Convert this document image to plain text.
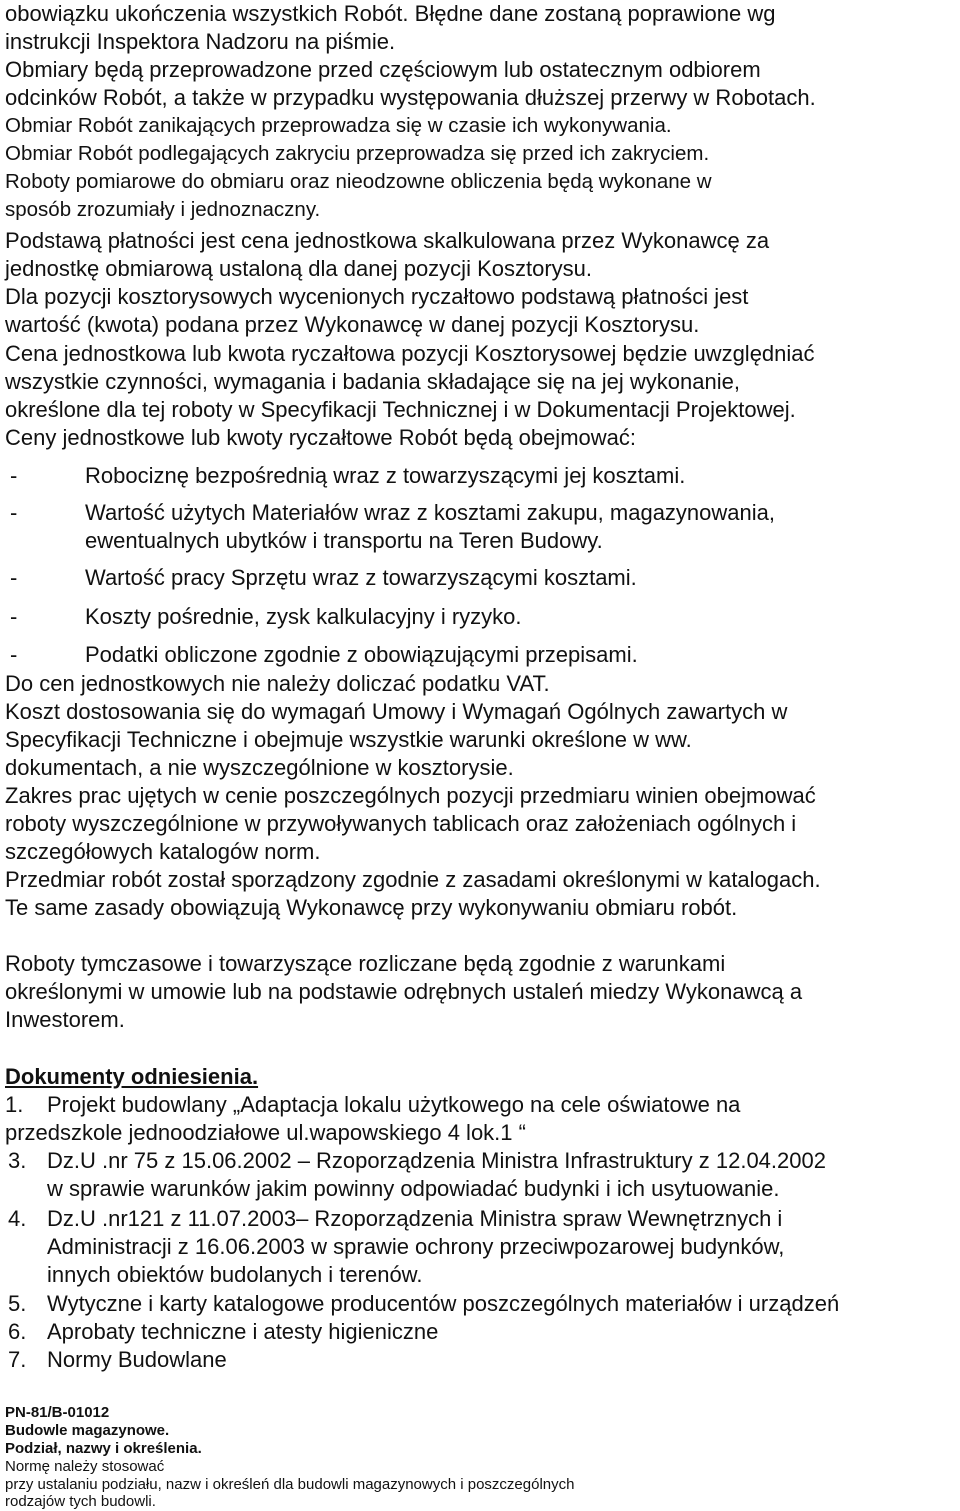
obowiązku ukończenia wszystkich Robót. Błędne dane zostaną poprawione wg
instrukcji Inspektora Nadzoru na piśmie.
Obmiary będą przeprowadzone przed częściowym lub ostatecznym odbiorem
odcinków Robót, a także w przypadku występowania dłuższej przerwy w Robotach.
Obmiar Robót zanikających przeprowadza się w czasie ich wykonywania.
Obmiar Robót podlegających zakryciu przeprowadza się przed ich zakryciem.
Roboty pomiarowe do obmiaru oraz nieodzowne obliczenia będą wykonane w
sposób zrozumiały i jednoznaczny.
Podstawą płatności jest cena jednostkowa skalkulowana przez Wykonawcę za
jednostkę obmiarową ustaloną dla danej pozycji Kosztorysu.
Dla pozycji kosztorysowych wycenionych ryczałtowo podstawą płatności jest
wartość (kwota) podana przez Wykonawcę w danej pozycji Kosztorysu.
Cena jednostkowa lub kwota ryczałtowa pozycji Kosztorysowej będzie uwzględniać
wszystkie czynności, wymagania i badania składające się na jej wykonanie,
określone dla tej roboty w Specyfikacji Technicznej i w Dokumentacji Projektowej.
Ceny jednostkowe lub kwoty ryczałtowe Robót będą obejmować:
-	Robociznę bezpośrednią wraz z towarzyszącymi jej kosztami.
-	Wartość użytych Materiałów wraz z kosztami zakupu, magazynowania,
ewentualnych ubytków i transportu na Teren Budowy.
-	Wartość pracy Sprzętu wraz z towarzyszącymi kosztami.
-	Koszty pośrednie, zysk kalkulacyjny i ryzyko.
-	Podatki obliczone zgodnie z obowiązującymi przepisami.
Do cen jednostkowych nie należy doliczać podatku VAT.
Koszt dostosowania się do wymagań Umowy i Wymagań Ogólnych zawartych w
Specyfikacji Techniczne i obejmuje wszystkie warunki określone w ww.
dokumentach, a nie wyszczególnione w kosztorysie.
Zakres prac ujętych w cenie poszczególnych pozycji przedmiaru winien obejmować
roboty wyszczególnione w przywoływanych tablicach oraz założeniach ogólnych i
szczegółowych katalogów norm.
Przedmiar robót został sporządzony zgodnie z zasadami określonymi w katalogach.
Te same zasady obowiązują Wykonawcę przy wykonywaniu obmiaru robót.
Roboty tymczasowe i towarzyszące rozliczane będą zgodnie z warunkami
określonymi w umowie lub na podstawie odrębnych ustaleń miedzy Wykonawcą a
Inwestorem.
Dokumenty odniesienia.
1. Projekt budowlany „Adaptacja lokalu użytkowego na cele oświatowe na
przedszkole jednoodziałowe ul.wapowskiego 4 lok.1 “
3. Dz.U .nr 75 z 15.06.2002 – Rzoporządzenia Ministra Infrastruktury z 12.04.2002
w sprawie warunków jakim powinny odpowiadać budynki i ich usytuowanie.
4. Dz.U .nr121 z 11.07.2003– Rzoporządzenia Ministra spraw Wewnętrznych i
Administracji z 16.06.2003 w sprawie ochrony przeciwpozarowej budynków,
innych obiektów budolanych i terenów.
5. Wytyczne i karty katalogowe producentów poszczególnych materiałów i urządzeń
6. Aprobaty techniczne i atesty higieniczne
7. Normy Budowlane
PN-81/B-01012
Budowle magazynowe.
Podział, nazwy i określenia.
Normę należy stosować
przy ustalaniu podziału, nazw i określeń dla budowli magazynowych i poszczególnych
rodzajów tych budowli.
